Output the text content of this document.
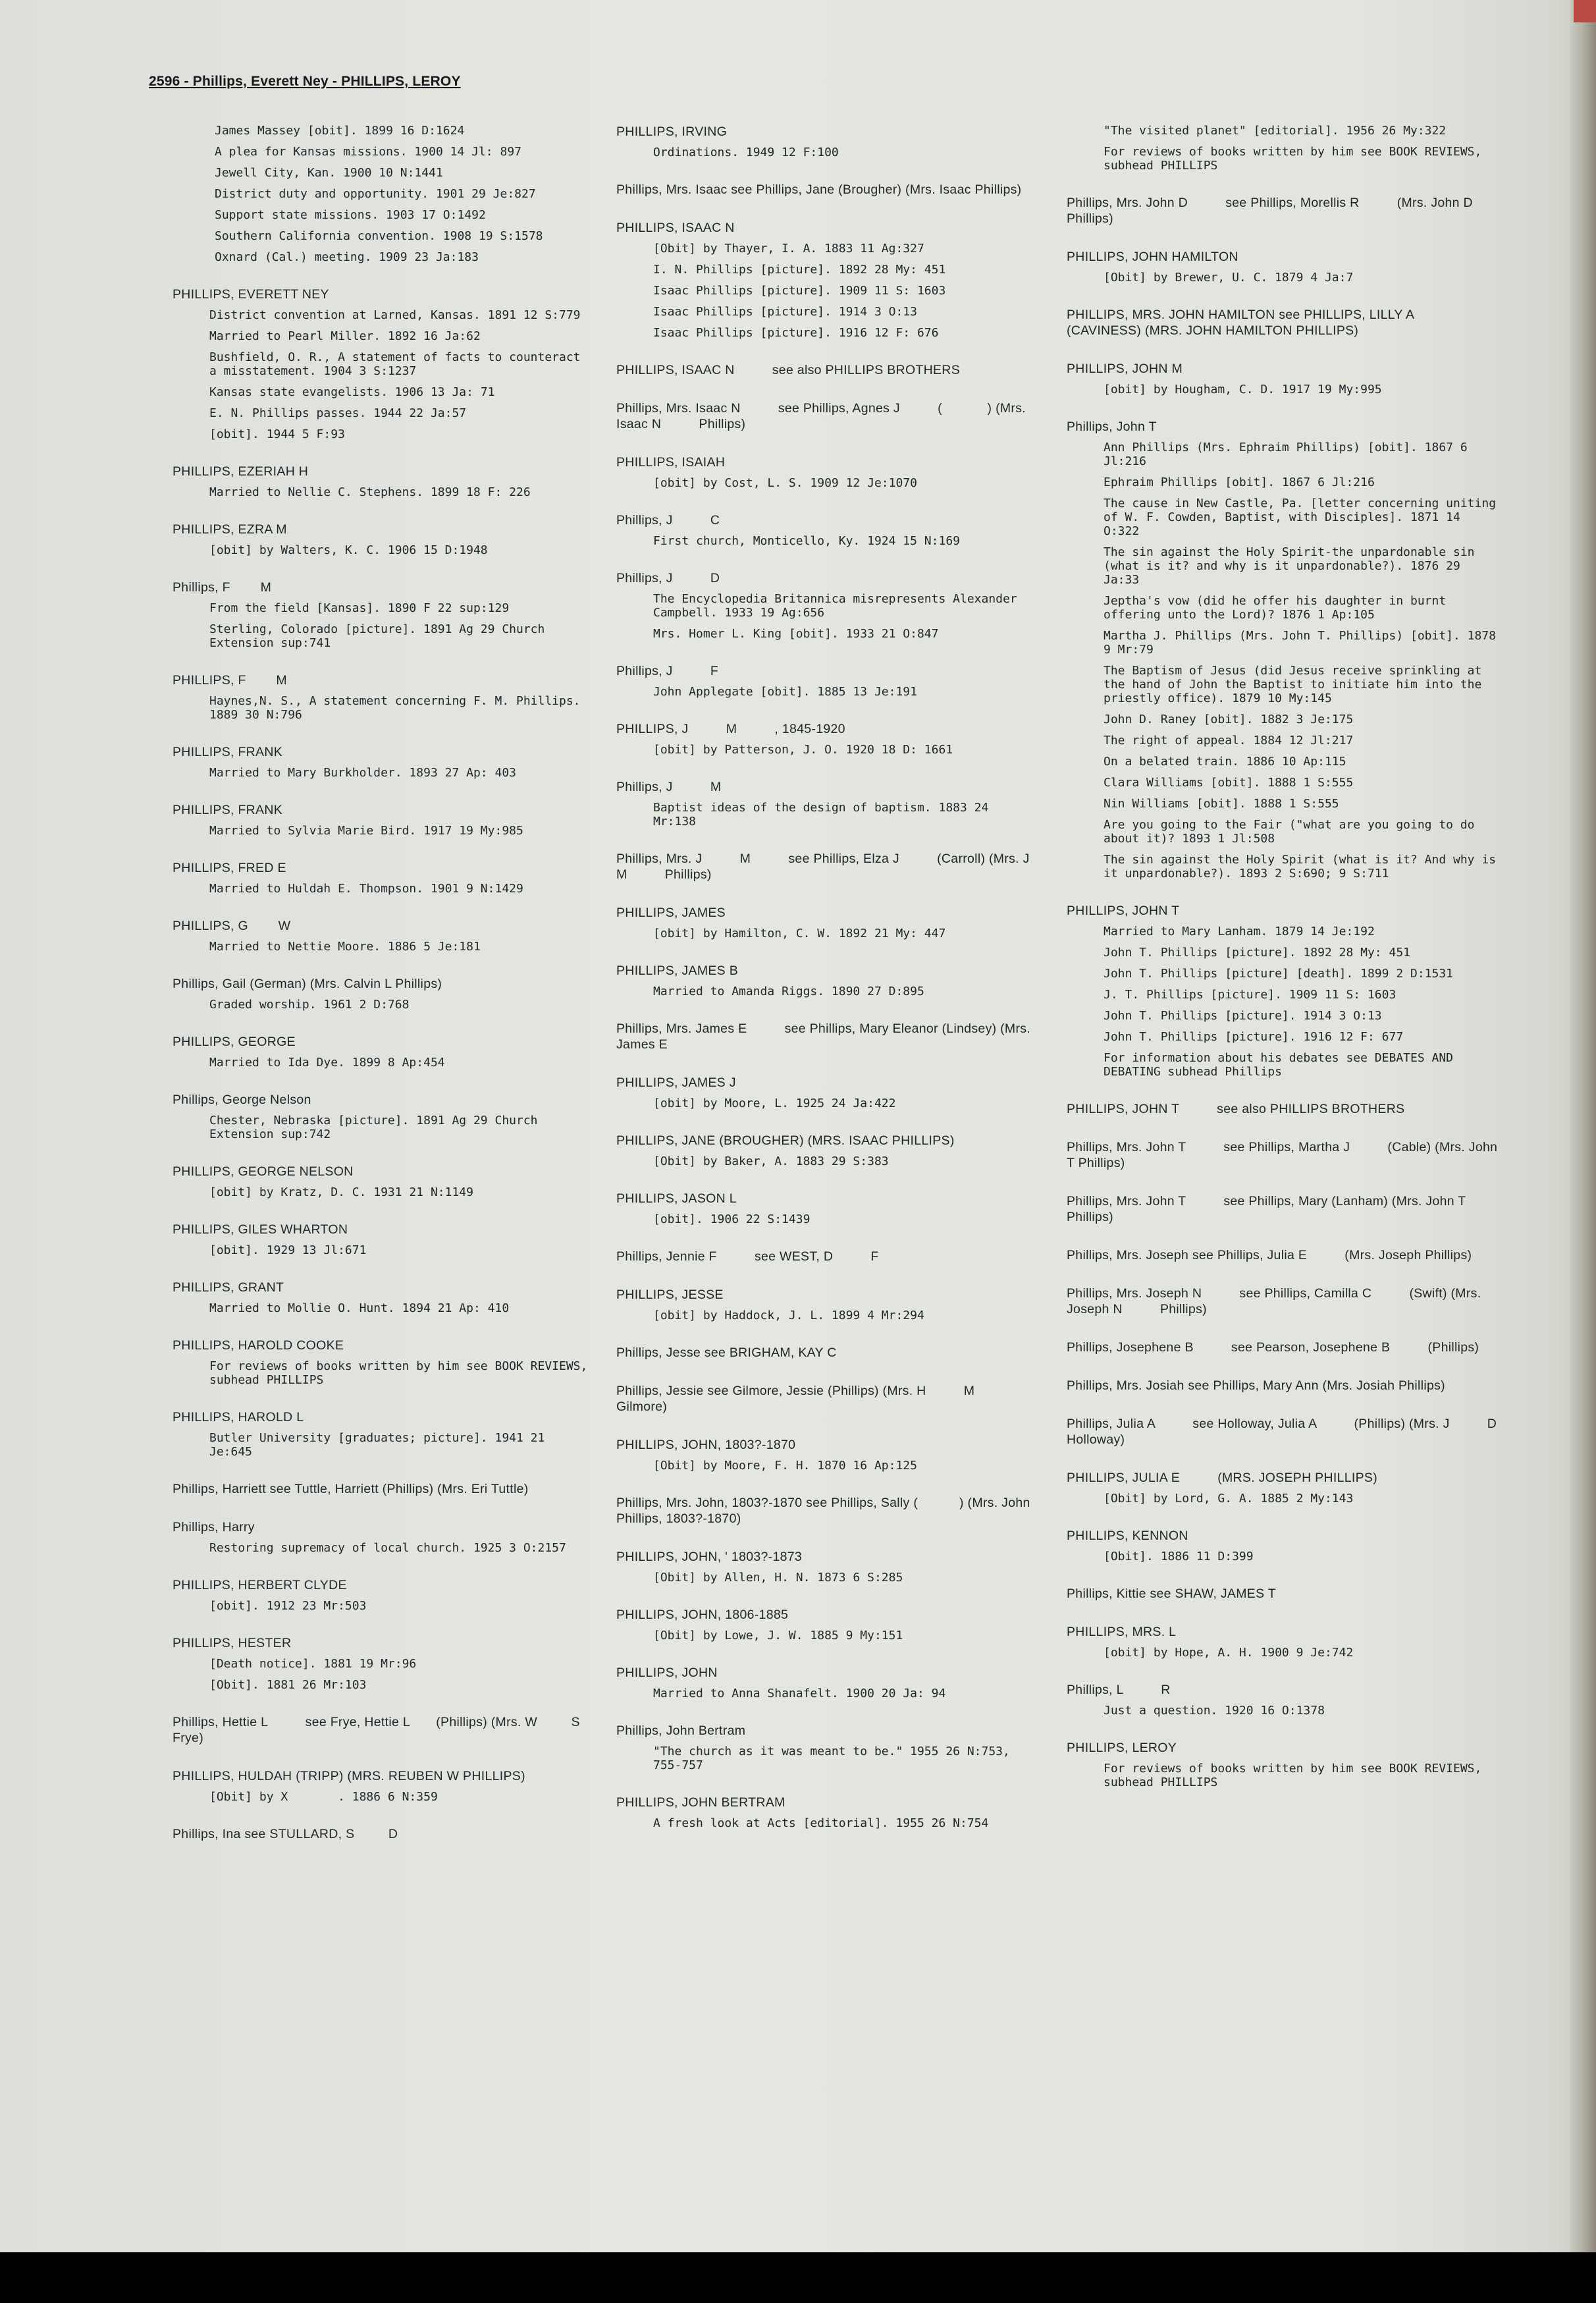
2596 - Phillips, Everett Ney - PHILLIPS, LEROY
James Massey [obit]. 1899 16 D:1624
A plea for Kansas missions. 1900 14 Jl: 897
Jewell City, Kan. 1900 10 N:1441
District duty and opportunity. 1901 29 Je:827
Support state missions. 1903 17 O:1492
Southern California convention. 1908 19 S:1578
Oxnard (Cal.) meeting. 1909 23 Ja:183
PHILLIPS, EVERETT NEY
District convention at Larned, Kansas. 1891 12 S:779
Married to Pearl Miller. 1892 16 Ja:62
Bushfield, O. R., A statement of facts to counteract a misstatement. 1904 3 S:1237
Kansas state evangelists. 1906 13 Ja: 71
E. N. Phillips passes. 1944 22 Ja:57
[obit]. 1944 5 F:93
PHILLIPS, EZERIAH H
Married to Nellie C. Stephens. 1899 18 F: 226
PHILLIPS, EZRA M
[obit] by Walters, K. C. 1906 15 D:1948
Phillips, F        M
From the field [Kansas]. 1890 F 22 sup:129
Sterling, Colorado [picture]. 1891 Ag 29 Church Extension sup:741
PHILLIPS, F        M
Haynes,N. S., A statement concerning F. M. Phillips. 1889 30 N:796
PHILLIPS, FRANK
Married to Mary Burkholder. 1893 27 Ap: 403
PHILLIPS, FRANK
Married to Sylvia Marie Bird. 1917 19 My:985
PHILLIPS, FRED E
Married to Huldah E. Thompson. 1901 9 N:1429
PHILLIPS, G        W
Married to Nettie Moore. 1886 5 Je:181
Phillips, Gail (German) (Mrs. Calvin L Phillips)
Graded worship. 1961 2 D:768
PHILLIPS, GEORGE
Married to Ida Dye. 1899 8 Ap:454
Phillips, George Nelson
Chester, Nebraska [picture]. 1891 Ag 29 Church Extension sup:742
PHILLIPS, GEORGE NELSON
[obit] by Kratz, D. C. 1931 21 N:1149
PHILLIPS, GILES WHARTON
[obit]. 1929 13 Jl:671
PHILLIPS, GRANT
Married to Mollie O. Hunt. 1894 21 Ap: 410
PHILLIPS, HAROLD COOKE
For reviews of books written by him see BOOK REVIEWS, subhead PHILLIPS
PHILLIPS, HAROLD L
Butler University [graduates; picture]. 1941 21 Je:645
Phillips, Harriett see Tuttle, Harriett (Phillips) (Mrs. Eri Tuttle)
Phillips, Harry
Restoring supremacy of local church. 1925 3 O:2157
PHILLIPS, HERBERT CLYDE
[obit]. 1912 23 Mr:503
PHILLIPS, HESTER
[Death notice]. 1881 19 Mr:96
[Obit]. 1881 26 Mr:103
Phillips, Hettie L          see Frye, Hettie L       (Phillips) (Mrs. W         S Frye)
PHILLIPS, HULDAH (TRIPP) (MRS. REUBEN W PHILLIPS)
[Obit] by X       . 1886 6 N:359
Phillips, Ina see STULLARD, S         D
PHILLIPS, IRVING
Ordinations. 1949 12 F:100
Phillips, Mrs. Isaac see Phillips, Jane (Brougher) (Mrs. Isaac Phillips)
PHILLIPS, ISAAC N
[Obit] by Thayer, I. A. 1883 11 Ag:327
I. N. Phillips [picture]. 1892 28 My: 451
Isaac Phillips [picture]. 1909 11 S: 1603
Isaac Phillips [picture]. 1914 3 O:13
Isaac Phillips [picture]. 1916 12 F: 676
PHILLIPS, ISAAC N          see also PHILLIPS BROTHERS
Phillips, Mrs. Isaac N          see Phillips, Agnes J          (            ) (Mrs. Isaac N          Phillips)
PHILLIPS, ISAIAH
[obit] by Cost, L. S. 1909 12 Je:1070
Phillips, J          C
First church, Monticello, Ky. 1924 15 N:169
Phillips, J          D
The Encyclopedia Britannica misrepresents Alexander Campbell. 1933 19 Ag:656
Mrs. Homer L. King [obit]. 1933 21 O:847
Phillips, J          F
John Applegate [obit]. 1885 13 Je:191
PHILLIPS, J          M          , 1845-1920
[obit] by Patterson, J. O. 1920 18 D: 1661
Phillips, J          M
Baptist ideas of the design of baptism. 1883 24 Mr:138
Phillips, Mrs. J          M          see Phillips, Elza J          (Carroll) (Mrs. J          M          Phillips)
PHILLIPS, JAMES
[obit] by Hamilton, C. W. 1892 21 My: 447
PHILLIPS, JAMES B
Married to Amanda Riggs. 1890 27 D:895
Phillips, Mrs. James E          see Phillips, Mary Eleanor (Lindsey) (Mrs. James E
PHILLIPS, JAMES J
[obit] by Moore, L. 1925 24 Ja:422
PHILLIPS, JANE (BROUGHER) (MRS. ISAAC PHILLIPS)
[Obit] by Baker, A. 1883 29 S:383
PHILLIPS, JASON L
[obit]. 1906 22 S:1439
Phillips, Jennie F          see WEST, D          F
PHILLIPS, JESSE
[obit] by Haddock, J. L. 1899 4 Mr:294
Phillips, Jesse see BRIGHAM, KAY C
Phillips, Jessie see Gilmore, Jessie (Phillips) (Mrs. H          M          Gilmore)
PHILLIPS, JOHN, 1803?-1870
[Obit] by Moore, F. H. 1870 16 Ap:125
Phillips, Mrs. John, 1803?-1870 see Phillips, Sally (           ) (Mrs. John Phillips, 1803?-1870)
PHILLIPS, JOHN, ' 1803?-1873
[Obit] by Allen, H. N. 1873 6 S:285
PHILLIPS, JOHN, 1806-1885
[Obit] by Lowe, J. W. 1885 9 My:151
PHILLIPS, JOHN
Married to Anna Shanafelt. 1900 20 Ja: 94
Phillips, John Bertram
"The church as it was meant to be." 1955 26 N:753, 755-757
PHILLIPS, JOHN BERTRAM
A fresh look at Acts [editorial]. 1955 26 N:754
"The visited planet" [editorial]. 1956 26 My:322
For reviews of books written by him see BOOK REVIEWS, subhead PHILLIPS
Phillips, Mrs. John D          see Phillips, Morellis R          (Mrs. John D Phillips)
PHILLIPS, JOHN HAMILTON
[Obit] by Brewer, U. C. 1879 4 Ja:7
PHILLIPS, MRS. JOHN HAMILTON see PHILLIPS, LILLY A      (CAVINESS) (MRS. JOHN HAMILTON PHILLIPS)
PHILLIPS, JOHN M
[obit] by Hougham, C. D. 1917 19 My:995
Phillips, John T
Ann Phillips (Mrs. Ephraim Phillips) [obit]. 1867 6 Jl:216
Ephraim Phillips [obit]. 1867 6 Jl:216
The cause in New Castle, Pa. [letter concerning uniting of W. F. Cowden, Baptist, with Disciples]. 1871 14 O:322
The sin against the Holy Spirit-the unpardonable sin (what is it? and why is it unpardonable?). 1876 29 Ja:33
Jeptha's vow (did he offer his daughter in burnt offering unto the Lord)? 1876 1 Ap:105
Martha J. Phillips (Mrs. John T. Phillips) [obit]. 1878 9 Mr:79
The Baptism of Jesus (did Jesus receive sprinkling at the hand of John the Baptist to initiate him into the priestly office). 1879 10 My:145
John D. Raney [obit]. 1882 3 Je:175
The right of appeal. 1884 12 Jl:217
On a belated train. 1886 10 Ap:115
Clara Williams [obit]. 1888 1 S:555
Nin Williams [obit]. 1888 1 S:555
Are you going to the Fair ("what are you going to do about it)? 1893 1 Jl:508
The sin against the Holy Spirit (what is it? And why is it unpardonable?). 1893 2 S:690; 9 S:711
PHILLIPS, JOHN T
Married to Mary Lanham. 1879 14 Je:192
John T. Phillips [picture]. 1892 28 My: 451
John T. Phillips [picture] [death]. 1899 2 D:1531
J. T. Phillips [picture]. 1909 11 S: 1603
John T. Phillips [picture]. 1914 3 O:13
John T. Phillips [picture]. 1916 12 F: 677
For information about his debates see DEBATES AND DEBATING subhead Phillips
PHILLIPS, JOHN T          see also PHILLIPS BROTHERS
Phillips, Mrs. John T          see Phillips, Martha J          (Cable) (Mrs. John T Phillips)
Phillips, Mrs. John T          see Phillips, Mary (Lanham) (Mrs. John T          Phillips)
Phillips, Mrs. Joseph see Phillips, Julia E          (Mrs. Joseph Phillips)
Phillips, Mrs. Joseph N          see Phillips, Camilla C          (Swift) (Mrs. Joseph N          Phillips)
Phillips, Josephene B          see Pearson, Josephene B          (Phillips)
Phillips, Mrs. Josiah see Phillips, Mary Ann (Mrs. Josiah Phillips)
Phillips, Julia A          see Holloway, Julia A          (Phillips) (Mrs. J          D Holloway)
PHILLIPS, JULIA E          (MRS. JOSEPH PHILLIPS)
[Obit] by Lord, G. A. 1885 2 My:143
PHILLIPS, KENNON
[Obit]. 1886 11 D:399
Phillips, Kittie see SHAW, JAMES T
PHILLIPS, MRS. L
[obit] by Hope, A. H. 1900 9 Je:742
Phillips, L          R
Just a question. 1920 16 O:1378
PHILLIPS, LEROY
For reviews of books written by him see BOOK REVIEWS, subhead PHILLIPS
